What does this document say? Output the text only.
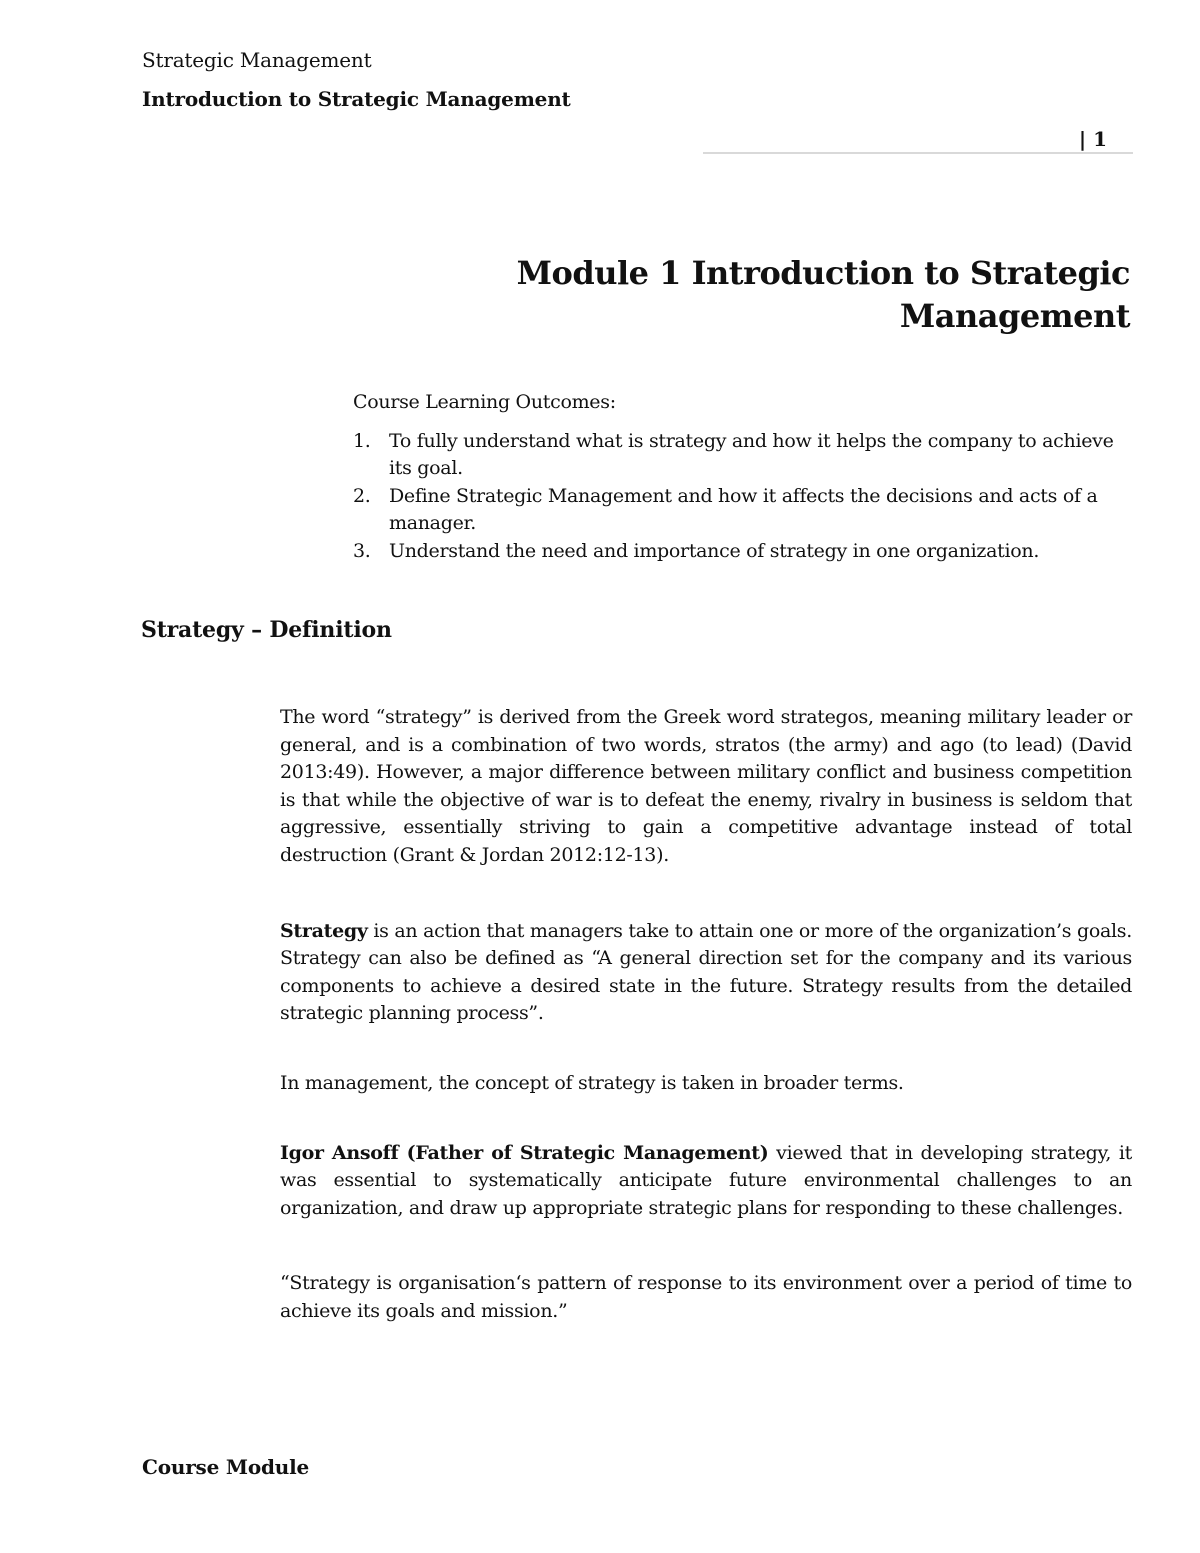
Strategic Management
Introduction to Strategic Management
| 1
Module 1 Introduction to Strategic
Management
Course Learning Outcomes:
1. To fully understand what is strategy and how it helps the company to achieve its goal.
2. Define Strategic Management and how it affects the decisions and acts of a manager.
3. Understand the need and importance of strategy in one organization.
Strategy – Definition

The word “strategy” is derived from the Greek word strategos, meaning military leader or general, and is a combination of two words, stratos (the army) and ago (to lead) (David 2013:49). However, a major difference between military conflict and business competition is that while the objective of war is to defeat the enemy, rivalry in business is seldom that aggressive, essentially striving to gain a competitive advantage instead of total destruction (Grant & Jordan 2012:12-13).

Strategy is an action that managers take to attain one or more of the organization’s goals. Strategy can also be defined as “A general direction set for the company and its various components to achieve a desired state in the future. Strategy results from the detailed strategic planning process”.

In management, the concept of strategy is taken in broader terms.

Igor Ansoff (Father of Strategic Management) viewed that in developing strategy, it was essential to systematically anticipate future environmental challenges to an organization, and draw up appropriate strategic plans for responding to these challenges.

“Strategy is organisation‘s pattern of response to its environment over a period of time to achieve its goals and mission.”

Course Module
